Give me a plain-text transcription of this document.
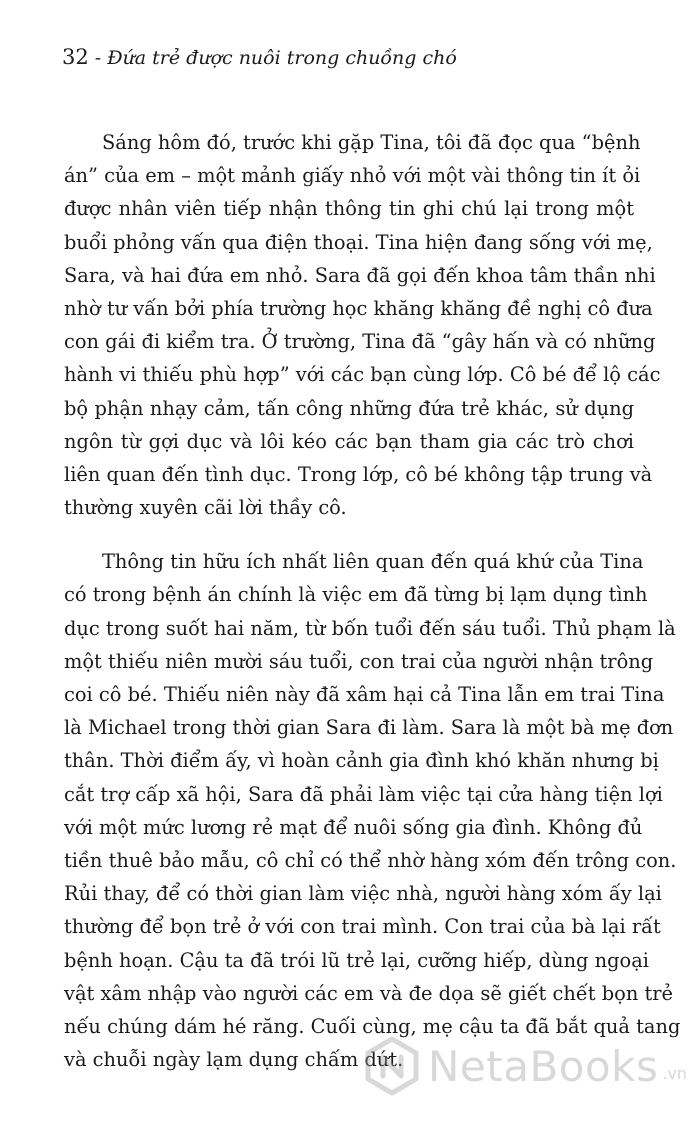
32 - Đứa trẻ được nuôi trong chuồng chó

Sáng hôm đó, trước khi gặp Tina, tôi đã đọc qua “bệnh
án” của em – một mảnh giấy nhỏ với một vài thông tin ít ỏi
được nhân viên tiếp nhận thông tin ghi chú lại trong một
buổi phỏng vấn qua điện thoại. Tina hiện đang sống với mẹ,
Sara, và hai đứa em nhỏ. Sara đã gọi đến khoa tâm thần nhi
nhờ tư vấn bởi phía trường học khăng khăng đề nghị cô đưa
con gái đi kiểm tra. Ở trường, Tina đã “gây hấn và có những
hành vi thiếu phù hợp” với các bạn cùng lớp. Cô bé để lộ các
bộ phận nhạy cảm, tấn công những đứa trẻ khác, sử dụng
ngôn từ gợi dục và lôi kéo các bạn tham gia các trò chơi
liên quan đến tình dục. Trong lớp, cô bé không tập trung và
thường xuyên cãi lời thầy cô.

Thông tin hữu ích nhất liên quan đến quá khứ của Tina
có trong bệnh án chính là việc em đã từng bị lạm dụng tình
dục trong suốt hai năm, từ bốn tuổi đến sáu tuổi. Thủ phạm là
một thiếu niên mười sáu tuổi, con trai của người nhận trông
coi cô bé. Thiếu niên này đã xâm hại cả Tina lẫn em trai Tina
là Michael trong thời gian Sara đi làm. Sara là một bà mẹ đơn
thân. Thời điểm ấy, vì hoàn cảnh gia đình khó khăn nhưng bị
cắt trợ cấp xã hội, Sara đã phải làm việc tại cửa hàng tiện lợi
với một mức lương rẻ mạt để nuôi sống gia đình. Không đủ
tiền thuê bảo mẫu, cô chỉ có thể nhờ hàng xóm đến trông con.
Rủi thay, để có thời gian làm việc nhà, người hàng xóm ấy lại
thường để bọn trẻ ở với con trai mình. Con trai của bà lại rất
bệnh hoạn. Cậu ta đã trói lũ trẻ lại, cưỡng hiếp, dùng ngoại
vật xâm nhập vào người các em và đe dọa sẽ giết chết bọn trẻ
nếu chúng dám hé răng. Cuối cùng, mẹ cậu ta đã bắt quả tang
và chuỗi ngày lạm dụng chấm dứt. NetaBooks .vn
